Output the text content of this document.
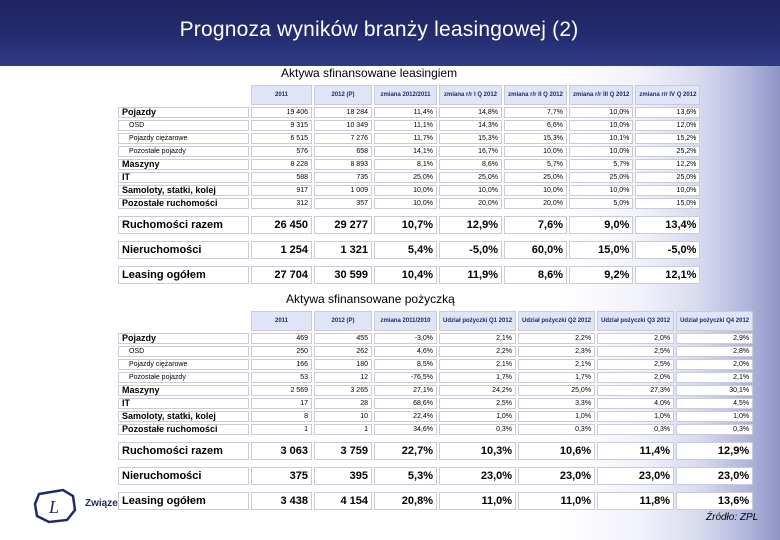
Prognoza wyników branży leasingowej (2)
Aktywa sfinansowane leasingiem
	2011	2012 (P)	zmiana 2012/2011	zmiana r/r I Q 2012	zmiana r/r II Q 2012	zmiana r/r III Q 2012	zmiana r/r IV Q 2012
Pojazdy	19 406	18 284	11,4%	14,8%	7,7%	10,0%	13,6%
OSD	9 315	10 349	11,1%	14,3%	6,6%	10,0%	12,0%
Pojazdy ciężarowe	6 515	7 276	11,7%	15,3%	15,3%	10,1%	15,2%
Pozostałe pojazdy	576	658	14,1%	16,7%	10,0%	10,0%	25,2%
Maszyny	8 228	8 893	8,1%	8,6%	5,7%	5,7%	12,2%
IT	588	735	25,0%	25,0%	25,0%	25,0%	25,0%
Samoloty, statki, kolej	917	1 009	10,0%	10,0%	10,0%	10,0%	10,0%
Pozostałe ruchomości	312	357	10,0%	20,0%	20,0%	5,0%	15,0%

Ruchomości razem	26 450	29 277	10,7%	12,9%	7,6%	9,0%	13,4%

Nieruchomości	1 254	1 321	5,4%	-5,0%	60,0%	15,0%	-5,0%

Leasing ogółem	27 704	30 599	10,4%	11,9%	8,6%	9,2%	12,1%
Aktywa sfinansowane pożyczką
	2011	2012 (P)	zmiana 2011/2010	Udział pożyczki Q1 2012	Udział pożyczki Q2 2012	Udział pożyczki Q3 2012	Udział pożyczki Q4 2012
Pojazdy	469	455	-3,0%	2,1%	2,2%	2,0%	2,9%
OSD	250	262	4,6%	2,2%	2,3%	2,5%	2,8%
Pojazdy ciężarowe	166	180	8,5%	2,1%	2,1%	2,5%	2,0%
Pozostałe pojazdy	53	12	-76,5%	1,7%	1,7%	2,0%	2,1%
Maszyny	2 569	3 265	27,1%	24,2%	25,0%	27,3%	30,1%
IT	17	28	68,6%	2,5%	3,3%	4,0%	4,5%
Samoloty, statki, kolej	8	10	22,4%	1,0%	1,0%	1,0%	1,0%
Pozostałe ruchomości	1	1	34,6%	0,3%	0,3%	0,3%	0,3%

Ruchomości razem	3 063	3 759	22,7%	10,3%	10,6%	11,4%	12,9%

Nieruchomości	375	395	5,3%	23,0%	23,0%	23,0%	23,0%

Leasing ogółem	3 438	4 154	20,8%	11,0%	11,0%	11,8%	13,6%
L	Związe
Źródło: ZPL
